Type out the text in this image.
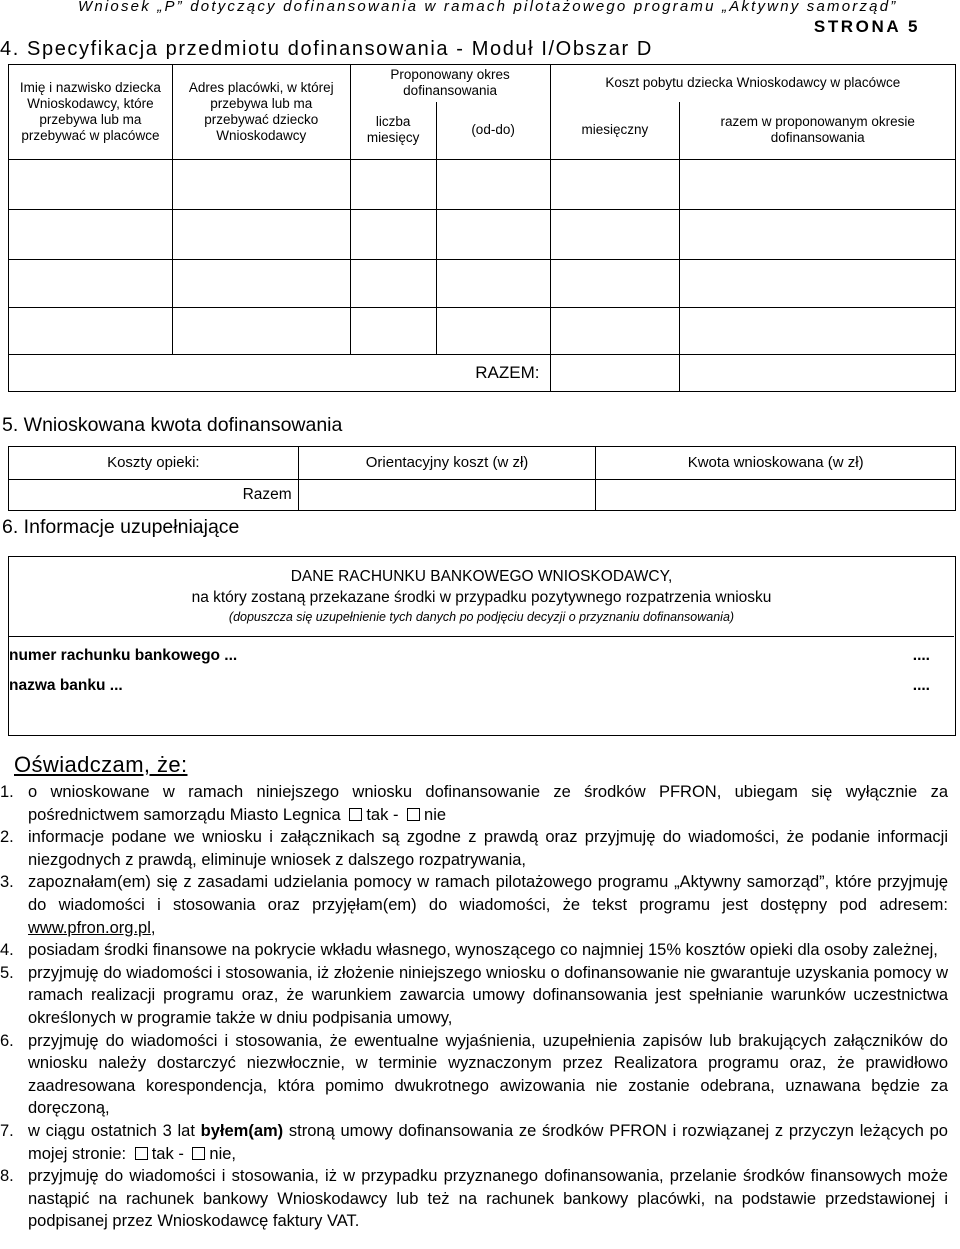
Wniosek „P” dotyczący dofinansowania w ramach pilotażowego programu „Aktywny samorząd”
STRONA 5
4. Specyfikacja przedmiotu dofinansowania - Moduł I/Obszar D
Imię i nazwisko dziecka Wnioskodawcy, które przebywa lub ma przebywać w placówce	Adres placówki, w której przebywa lub ma przebywać dziecko Wnioskodawcy	Proponowany okres dofinansowania		Koszt pobytu dziecka Wnioskodawcy w placówce	
		liczba miesięcy	(od-do)	miesięczny	razem w proponowanym okresie dofinansowania

RAZEM:					
5. Wnioskowana kwota dofinansowania
Koszty opieki:	Orientacyjny koszt (w zł)	Kwota wnioskowana (w zł)
Razem		
6. Informacje uzupełniające
DANE RACHUNKU BANKOWEGO WNIOSKODAWCY,
na który zostaną przekazane środki w przypadku pozytywnego rozpatrzenia wniosku
(dopuszcza się uzupełnienie tych danych po podjęciu decyzji o przyznaniu dofinansowania)
numer rachunku bankowego ...	....
nazwa banku ...	....
Oświadczam, że:
1. o wnioskowane w ramach niniejszego wniosku dofinansowanie ze środków PFRON, ubiegam się wyłącznie za pośrednictwem samorządu Miasto Legnica tak - nie
2. informacje podane we wniosku i załącznikach są zgodne z prawdą oraz przyjmuję do wiadomości, że podanie informacji niezgodnych z prawdą, eliminuje wniosek z dalszego rozpatrywania,
3. zapoznałam(em) się z zasadami udzielania pomocy w ramach pilotażowego programu „Aktywny samorząd”, które przyjmuję do wiadomości i stosowania oraz przyjęłam(em) do wiadomości, że tekst programu jest dostępny pod adresem: www.pfron.org.pl,
4. posiadam środki finansowe na pokrycie wkładu własnego, wynoszącego co najmniej 15% kosztów opieki dla osoby zależnej,
5. przyjmuję do wiadomości i stosowania, iż złożenie niniejszego wniosku o dofinansowanie nie gwarantuje uzyskania pomocy w ramach realizacji programu oraz, że warunkiem zawarcia umowy dofinansowania jest spełnianie warunków uczestnictwa określonych w programie także w dniu podpisania umowy,
6. przyjmuję do wiadomości i stosowania, że ewentualne wyjaśnienia, uzupełnienia zapisów lub brakujących załączników do wniosku należy dostarczyć niezwłocznie, w terminie wyznaczonym przez Realizatora programu oraz, że prawidłowo zaadresowana korespondencja, która pomimo dwukrotnego awizowania nie zostanie odebrana, uznawana będzie za doręczoną,
7. w ciągu ostatnich 3 lat byłem(am) stroną umowy dofinansowania ze środków PFRON i rozwiązanej z przyczyn leżących po mojej stronie: tak - nie,
8. przyjmuję do wiadomości i stosowania, iż w przypadku przyznanego dofinansowania, przelanie środków finansowych może nastąpić na rachunek bankowy Wnioskodawcy lub też na rachunek bankowy placówki, na podstawie przedstawionej i podpisanej przez Wnioskodawcę faktury VAT.
